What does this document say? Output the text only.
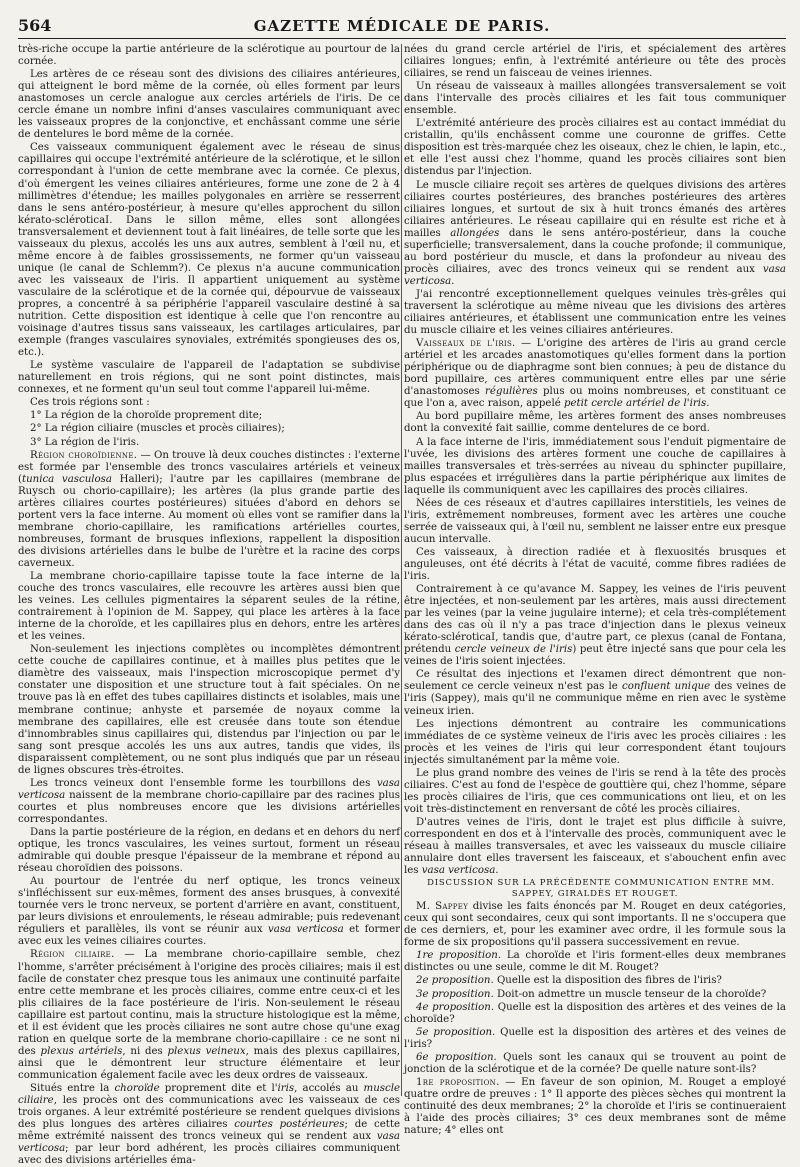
564	GAZETTE MÉDICALE DE PARIS.

très-riche occupe la partie antérieure de la sclérotique au pourtour de la cornée.

Les artères de ce réseau sont des divisions des ciliaires antérieures, qui atteignent le bord même de la cornée, où elles forment par leurs anastomoses un cercle analogue aux cercles artériels de l'iris. De ce cercle émane un nombre infini d'anses vasculaires communiquant avec les vaisseaux propres de la conjonctive, et enchâssant comme une série de dentelures le bord même de la cornée.

Ces vaisseaux communiquent également avec le réseau de sinus capillaires qui occupe l'extrémité antérieure de la sclérotique, et le sillon correspondant à l'union de cette membrane avec la cornée. Ce plexus, d'où émergent les veines ciliaires antérieures, forme une zone de 2 à 4 millimètres d'étendue; les mailles polygonales en arrière se resserrent dans le sens antéro-postérieur, à mesure qu'elles approchent du sillon kérato-scléroticaI. Dans le sillon même, elles sont allongées transversalement et deviennent tout à fait linéaires, de telle sorte que les vaisseaux du plexus, accolés les uns aux autres, semblent à l'œil nu, et même encore à de faibles grossissements, ne former qu'un vaisseau unique (le canal de Schlemm?). Ce plexus n'a aucune communication avec les vaisseaux de l'iris. Il appartient uniquement au système vasculaire de la sclérotique et de la cornée qui, dépourvue de vaisseaux propres, a concentré à sa périphérie l'appareil vasculaire destiné à sa nutrition. Cette disposition est identique à celle que l'on rencontre au voisinage d'autres tissus sans vaisseaux, les cartilages articulaires, par exemple (franges vasculaires synoviales, extrémités spongieuses des os, etc.).

Le système vasculaire de l'appareil de l'adaptation se subdivise naturellement en trois régions, qui ne sont point distinctes, mais connexes, et ne forment qu'un seul tout comme l'appareil lui-même.

Ces trois régions sont :

1° La région de la choroïde proprement dite;

2° La région ciliaire (muscles et procès ciliaires);

3° La région de l'iris.

Région choroïdienne. — On trouve là deux couches distinctes : l'externe est formée par l'ensemble des troncs vasculaires artériels et veineux (tunica vasculosa Halleri); l'autre par les capillaires (membrane de Ruysch ou chorio-capillaire); les artères (la plus grande partie des artères ciliaires courtes postérieures) situées d'abord en dehors se portent vers la face interne. Au moment où elles vont se ramifier dans la membrane chorio-capillaire, les ramifications artérielles courtes, nombreuses, formant de brusques inflexions, rappellent la disposition des divisions artérielles dans le bulbe de l'urètre et la racine des corps caverneux.

La membrane chorio-capillaire tapisse toute la face interne de la couche des troncs vasculaires, elle recouvre les artères aussi bien que les veines. Les cellules pigmentaires la séparent seules de la rétine, contrairement à l'opinion de M. Sappey, qui place les artères à la face interne de la choroïde, et les capillaires plus en dehors, entre les artères et les veines.

Non-seulement les injections complètes ou incomplètes démontrent cette couche de capillaires continue, et à mailles plus petites que le diamètre des vaisseaux, mais l'inspection microscopique permet d'y constater une disposition et une structure tout à fait spéciales. On ne trouve pas là en effet des tubes capillaires distincts et isolables, mais une membrane continue; anhyste et parsemée de noyaux comme la membrane des capillaires, elle est creusée dans toute son étendue d'innombrables sinus capillaires qui, distendus par l'injection ou par le sang sont presque accolés les uns aux autres, tandis que vides, ils disparaissent complètement, ou ne sont plus indiqués que par un réseau de lignes obscures très-étroites.

Les troncs veineux dont l'ensemble forme les tourbillons des vasa verticosa naissent de la membrane chorio-capillaire par des racines plus courtes et plus nombreuses encore que les divisions artérielles correspondantes.

Dans la partie postérieure de la région, en dedans et en dehors du nerf optique, les troncs vasculaires, les veines surtout, forment un réseau admirable qui double presque l'épaisseur de la membrane et répond au réseau choroïdien des poissons.

Au pourtour de l'entrée du nerf optique, les troncs veineux s'infléchissent sur eux-mêmes, forment des anses brusques, à convexité tournée vers le tronc nerveux, se portent d'arrière en avant, constituent, par leurs divisions et enroulements, le réseau admirable; puis redevenant réguliers et parallèles, ils vont se réunir aux vasa verticosa et former avec eux les veines ciliaires courtes.

Région ciliaire. — La membrane chorio-capillaire semble, chez l'homme, s'arrêter précisément à l'origine des procès ciliaires; mais il est facile de constater chez presque tous les animaux une continuité parfaite entre cette membrane et les procès ciliaires, comme entre ceux-ci et les plis ciliaires de la face postérieure de l'iris. Non-seulement le réseau capillaire est partout continu, mais la structure histologique est la même, et il est évident que les procès ciliaires ne sont autre chose qu'une exag ration en quelque sorte de la membrane chorio-capillaire : ce ne sont ni des plexus artériels, ni des plexus veineux, mais des plexus capillaires, ainsi que le démontrent leur structure élémentaire et leur communication également facile avec les deux ordres de vaisseaux.

Situés entre la choroïde proprement dite et l'iris, accolés au muscle ciliaire, les procès ont des communications avec les vaisseaux de ces trois organes. A leur extrémité postérieure se rendent quelques divisions des plus longues des artères ciliaires courtes postérieures; de cette même extrémité naissent des troncs veineux qui se rendent aux vasa verticosa; par leur bord adhérent, les procès ciliaires communiquent avec des divisions artérielles éma-

nées du grand cercle artériel de l'iris, et spécialement des artères ciliaires longues; enfin, à l'extrémité antérieure ou tête des procès ciliaires, se rend un faisceau de veines iriennes.

Un réseau de vaisseaux à mailles allongées transversalement se voit dans l'intervalle des procès ciliaires et les fait tous communiquer ensemble.

L'extrémité antérieure des procès ciliaires est au contact immédiat du cristallin, qu'ils enchâssent comme une couronne de griffes. Cette disposition est très-marquée chez les oiseaux, chez le chien, le lapin, etc., et elle l'est aussi chez l'homme, quand les procès ciliaires sont bien distendus par l'injection.

Le muscle ciliaire reçoit ses artères de quelques divisions des artères ciliaires courtes postérieures, des branches postérieures des artères ciliaires longues, et surtout de six à huit troncs émanés des artères ciliaires antérieures. Le réseau capillaire qui en résulte est riche et à mailles allongées dans le sens antéro-postérieur, dans la couche superficielle; transversalement, dans la couche profonde; il communique, au bord postérieur du muscle, et dans la profondeur au niveau des procès ciliaires, avec des troncs veineux qui se rendent aux vasa verticosa.

J'ai rencontré exceptionnellement quelques veinules très-grêles qui traversent la sclérotique au même niveau que les divisions des artères ciliaires antérieures, et établissent une communication entre les veines du muscle ciliaire et les veines ciliaires antérieures.

Vaisseaux de l'iris. — L'origine des artères de l'iris au grand cercle artériel et les arcades anastomotiques qu'elles forment dans la portion périphérique ou de diaphragme sont bien connues; à peu de distance du bord pupillaire, ces artères communiquent entre elles par une série d'anastomoses régulières plus ou moins nombreuses, et constituant ce que l'on a, avec raison, appelé petit cercle artériel de l'iris.

Au bord pupillaire même, les artères forment des anses nombreuses dont la convexité fait saillie, comme dentelures de ce bord.

A la face interne de l'iris, immédiatement sous l'enduit pigmentaire de l'uvée, les divisions des artères forment une couche de capillaires à mailles transversales et très-serrées au niveau du sphincter pupillaire, plus espacées et irrégulières dans la partie périphérique aux limites de laquelle ils communiquent avec les capillaires des procès ciliaires.

Nées de ces réseaux et d'autres capillaires interstitiels, les veines de l'iris, extrêmement nombreuses, forment avec les artères une couche serrée de vaisseaux qui, à l'œil nu, semblent ne laisser entre eux presque aucun intervalle.

Ces vaisseaux, à direction radiée et à flexuosités brusques et anguleuses, ont été décrits à l'état de vacuité, comme fibres radiées de l'iris.

Contrairement à ce qu'avance M. Sappey, les veines de l'iris peuvent être injectées, et non-seulement par les artères, mais aussi directement par les veines (par la veine jugulaire interne); et cela très-complétement dans des cas où il n'y a pas trace d'injection dans le plexus veineux kérato-scléroticaI, tandis que, d'autre part, ce plexus (canal de Fontana, prétendu cercle veineux de l'iris) peut être injecté sans que pour cela les veines de l'iris soient injectées.

Ce résultat des injections et l'examen direct démontrent que non-seulement ce cercle veineux n'est pas le confluent unique des veines de l'iris (Sappey), mais qu'il ne communique même en rien avec le système veineux irien.

Les injections démontrent au contraire les communications immédiates de ce système veineux de l'iris avec les procès ciliaires : les procès et les veines de l'iris qui leur correspondent étant toujours injectés simultanément par la même voie.

Le plus grand nombre des veines de l'iris se rend à la tête des procès ciliaires. C'est au fond de l'espèce de gouttière qui, chez l'homme, sépare les procès ciliaires de l'iris, que ces communications ont lieu, et on les voit très-distinctement en renversant de côté les procès ciliaires.

D'autres veines de l'iris, dont le trajet est plus difficile à suivre, correspondent en dos et à l'intervalle des procès, communiquent avec le réseau à mailles transversales, et avec les vaisseaux du muscle ciliaire annulaire dont elles traversent les faisceaux, et s'abouchent enfin avec les vasa verticosa.

DISCUSSION SUR LA PRÉCÉDENTE COMMUNICATION ENTRE MM. SAPPEY, GIRALDÈS ET ROUGET.

M. Sappey divise les faits énoncés par M. Rouget en deux catégories, ceux qui sont secondaires, ceux qui sont importants. Il ne s'occupera que de ces derniers, et, pour les examiner avec ordre, il les formule sous la forme de six propositions qu'il passera successivement en revue.

1re proposition. La choroïde et l'iris forment-elles deux membranes distinctes ou une seule, comme le dit M. Rouget?

2e proposition. Quelle est la disposition des fibres de l'iris?

3e proposition. Doit-on admettre un muscle tenseur de la choroïde?

4e proposition. Quelle est la disposition des artères et des veines de la choroïde?

5e proposition. Quelle est la disposition des artères et des veines de l'iris?

6e proposition. Quels sont les canaux qui se trouvent au point de jonction de la sclérotique et de la cornée? De quelle nature sont-ils?

1re proposition. — En faveur de son opinion, M. Rouget a employé quatre ordre de preuves : 1° Il apporte des pièces sèches qui montrent la continuité des deux membranes; 2° la choroïde et l'iris se continueraient à l'aide des procès ciliaires; 3° ces deux membranes sont de même nature; 4° elles ont
